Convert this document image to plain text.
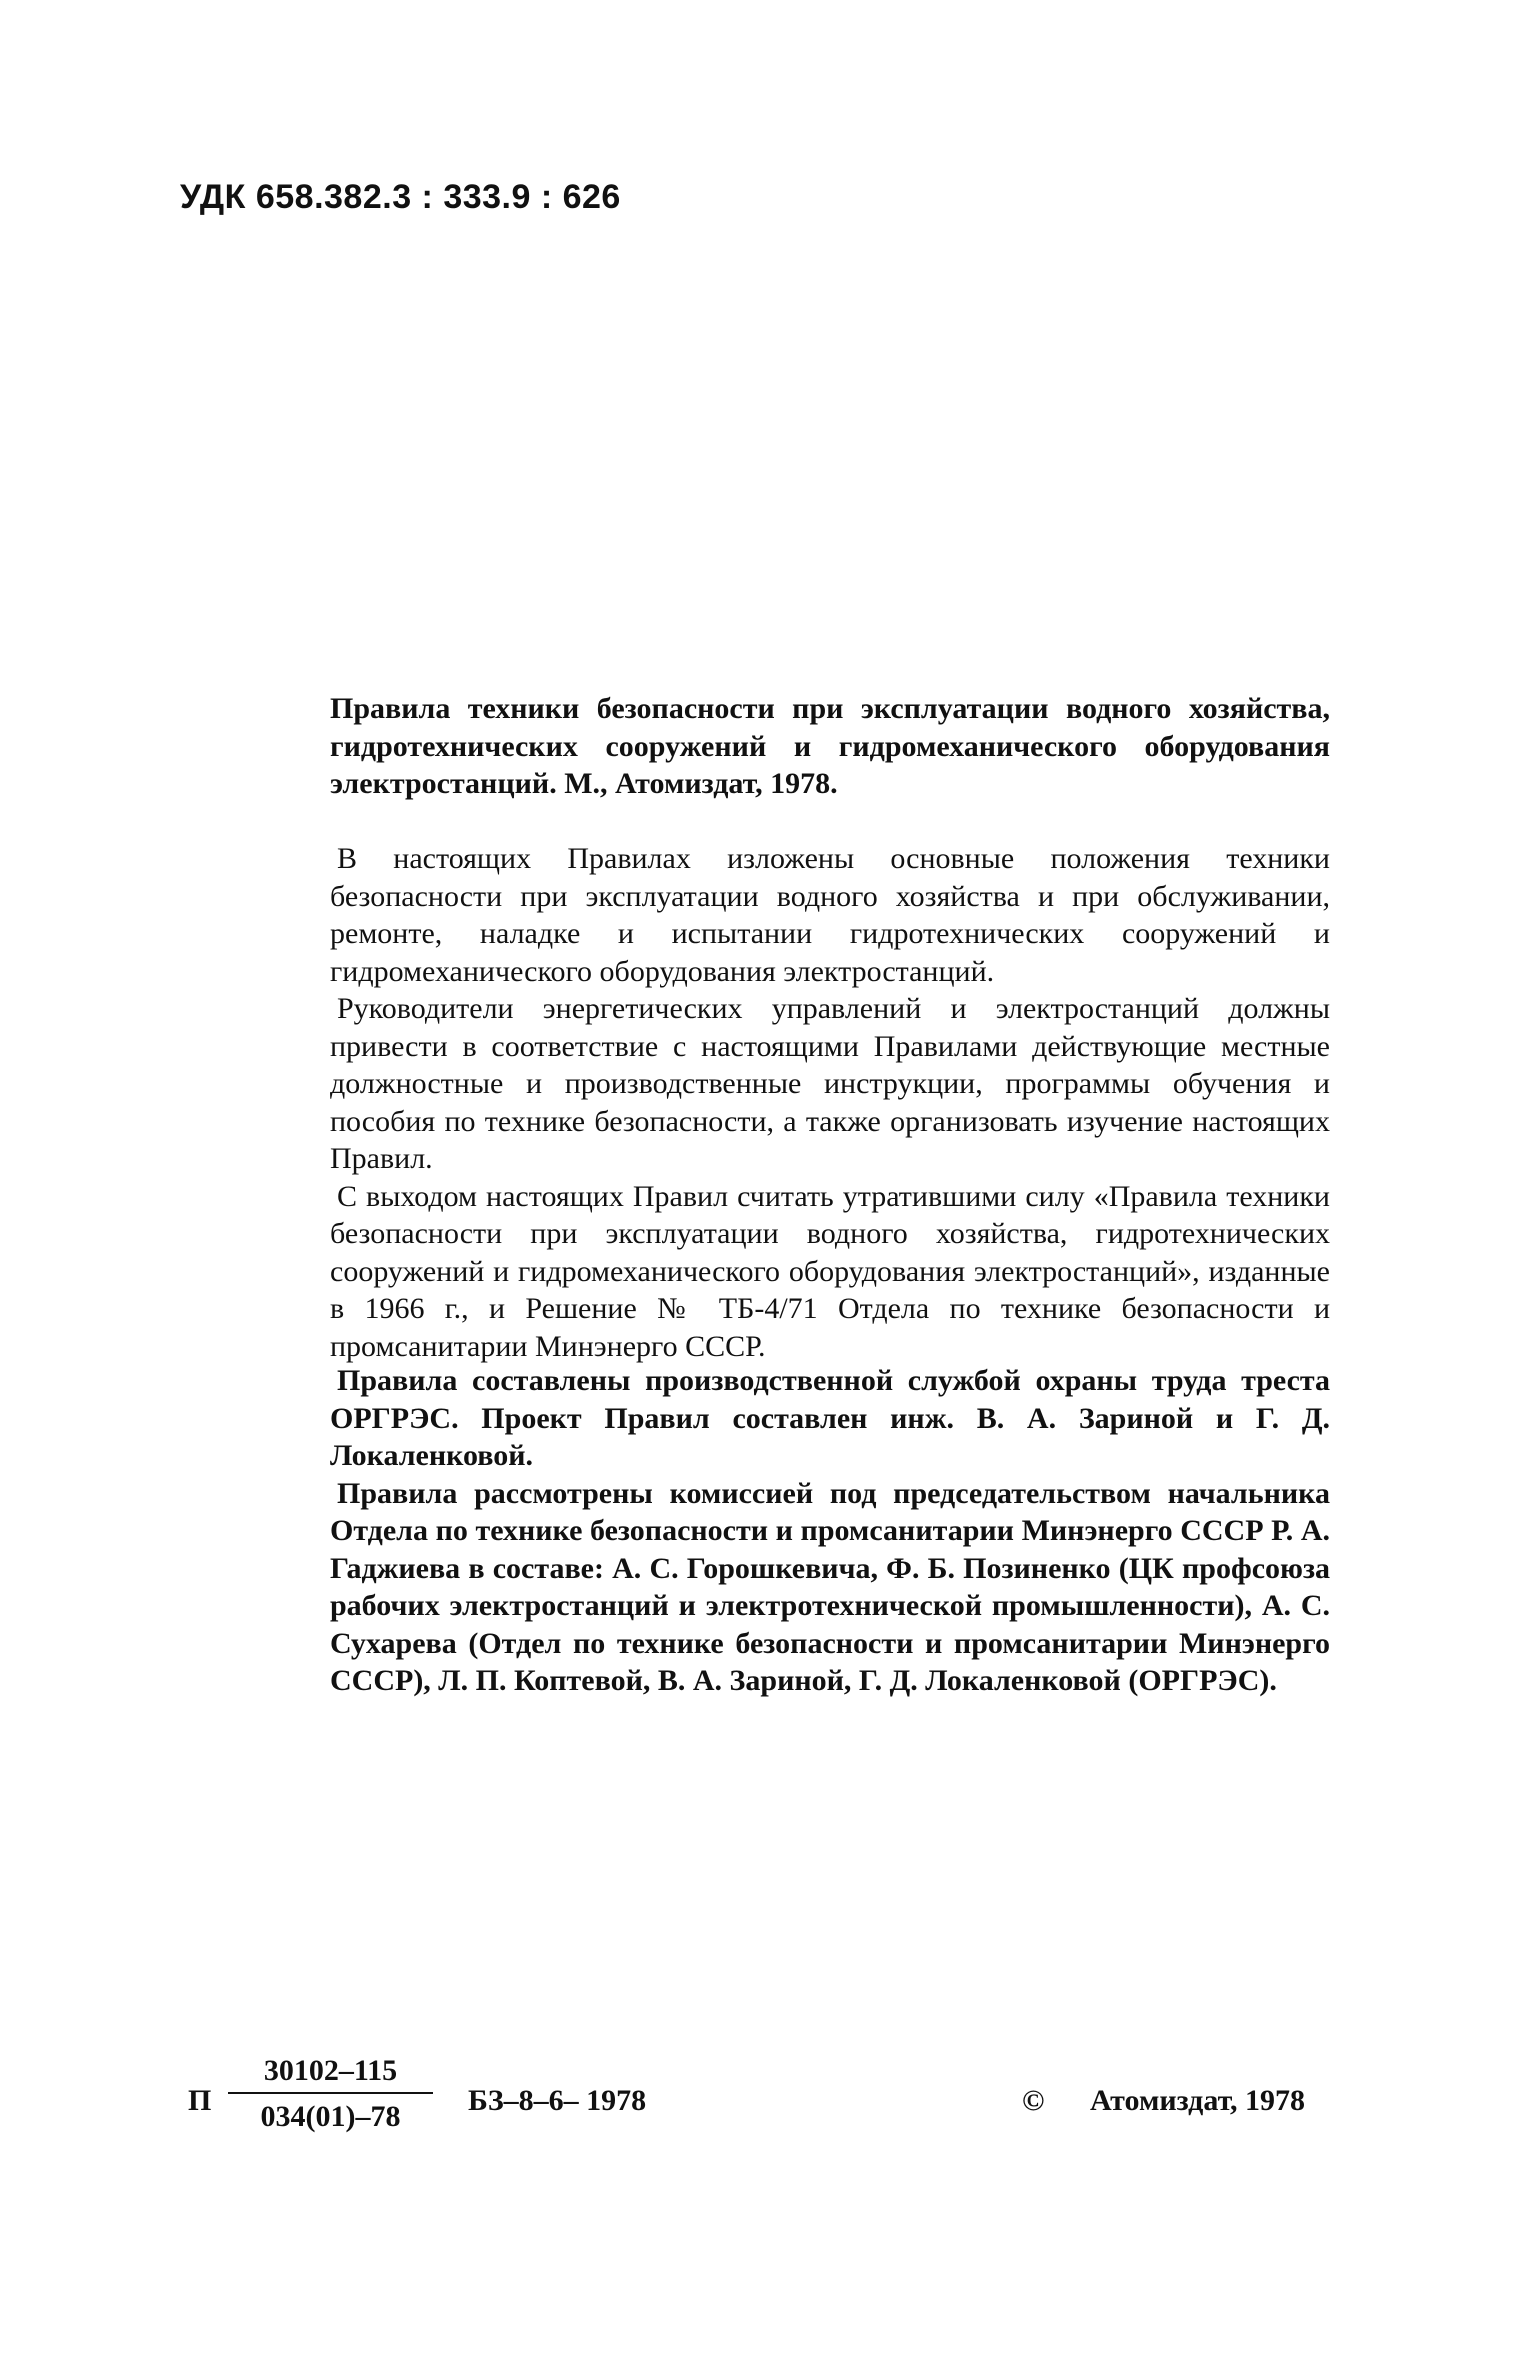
УДК 658.382.3 : 333.9 : 626

Правила техники безопасности при эксплуатации водного хозяйства, гидротехнических сооружений и гидромеханического оборудования электростанций. М., Атомиздат, 1978.

В настоящих Правилах изложены основные положения техники безопасности при эксплуатации водного хозяйства и при обслуживании, ремонте, наладке и испытании гидротехнических сооружений и гидромеханического оборудования электростанций.

Руководители энергетических управлений и электростанций должны привести в соответствие с настоящими Правилами действующие местные должностные и производственные инструкции, программы обучения и пособия по технике безопасности, а также организовать изучение настоящих Правил.

С выходом настоящих Правил считать утратившими силу «Правила техники безопасности при эксплуатации водного хозяйства, гидротехнических сооружений и гидромеханического оборудования электростанций», изданные в 1966 г., и Решение № ТБ-4/71 Отдела по технике безопасности и промсанитарии Минэнерго СССР.

Правила составлены производственной службой охраны труда треста ОРГРЭС. Проект Правил составлен инж. В. А. Зариной и Г. Д. Локаленковой.

Правила рассмотрены комиссией под председательством начальника Отдела по технике безопасности и промсанитарии Минэнерго СССР Р. А. Гаджиева в составе: А. С. Горошкевича, Ф. Б. Позиненко (ЦК профсоюза рабочих электростанций и электротехнической промышленности), А. С. Сухарева (Отдел по технике безопасности и промсанитарии Минэнерго СССР), Л. П. Коптевой, В. А. Зариной, Г. Д. Локаленковой (ОРГРЭС).

П
30102–115
034(01)–78	БЗ–8–6– 1978	© Атомиздат, 1978
